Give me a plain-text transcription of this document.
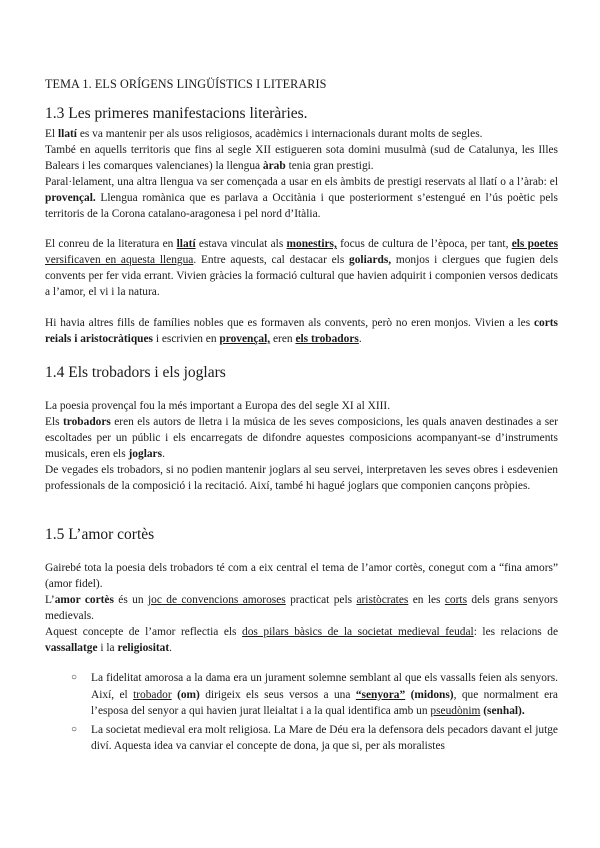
TEMA 1. ELS ORÍGENS LINGÜÍSTICS I LITERARIS
1.3 Les primeres manifestacions literàries.
El llatí es va mantenir per als usos religiosos, acadèmics i internacionals durant molts de segles.
També en aquells territoris que fins al segle XII estigueren sota domini musulmà (sud de Catalunya, les Illes Balears i les comarques valencianes) la llengua àrab tenia gran prestigi.
Paral·lelament, una altra llengua va ser començada a usar en els àmbits de prestigi reservats al llatí o a l’àrab: el provençal. Llengua romànica que es parlava a Occitània i que posteriorment s’estengué en l’ús poètic pels territoris de la Corona catalano-aragonesa i pel nord d’Itàlia.
El conreu de la literatura en llatí estava vinculat als monestirs, focus de cultura de l’època, per tant, els poetes versificaven en aquesta llengua. Entre aquests, cal destacar els goliards, monjos i clergues que fugien dels convents per fer vida errant. Vivien gràcies la formació cultural que havien adquirit i componien versos dedicats a l’amor, el vi i la natura.
Hi havia altres fills de famílies nobles que es formaven als convents, però no eren monjos. Vivien a les corts reials i aristocràtiques i escrivien en provençal, eren els trobadors.
1.4 Els trobadors i els joglars
La poesia provençal fou la més important a Europa des del segle XI al XIII.
Els trobadors eren els autors de lletra i la música de les seves composicions, les quals anaven destinades a ser escoltades per un públic i els encarregats de difondre aquestes composicions acompanyant-se d’instruments musicals, eren els joglars.
De vegades els trobadors, si no podien mantenir joglars al seu servei, interpretaven les seves obres i esdevenien professionals de la composició i la recitació. Així, també hi hagué joglars que componien cançons pròpies.
1.5 L’amor cortès
Gairebé tota la poesia dels trobadors té com a eix central el tema de l’amor cortès, conegut com a “fina amors” (amor fidel).
L’amor cortès és un joc de convencions amoroses practicat pels aristòcrates en les corts dels grans senyors medievals.
Aquest concepte de l’amor reflectia els dos pilars bàsics de la societat medieval feudal: les relacions de vassallatge i la religiositat.
○ La fidelitat amorosa a la dama era un jurament solemne semblant al que els vassalls feien als senyors. Així, el trobador (om) dirigeix els seus versos a una “senyora” (midons), que normalment era l’esposa del senyor a qui havien jurat lleialtat i a la qual identifica amb un pseudònim (senhal).
○ La societat medieval era molt religiosa. La Mare de Déu era la defensora dels pecadors davant el jutge diví. Aquesta idea va canviar el concepte de dona, ja que si, per als moralistes
